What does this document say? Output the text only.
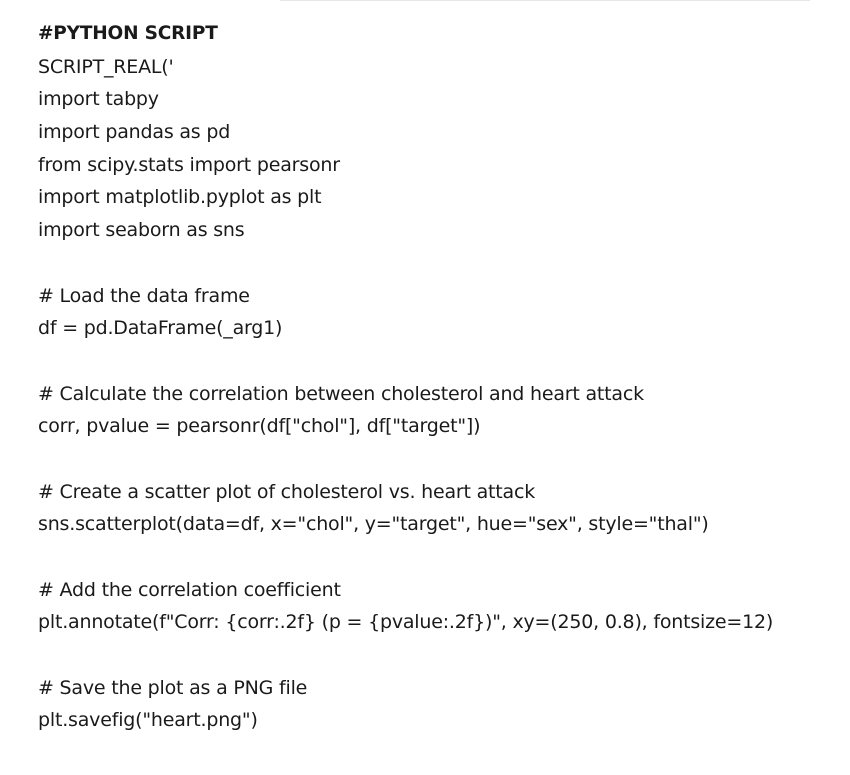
#PYTHON SCRIPT
SCRIPT_REAL('
import tabpy
import pandas as pd
from scipy.stats import pearsonr
import matplotlib.pyplot as plt
import seaborn as sns
# Load the data frame
df = pd.DataFrame(_arg1)
# Calculate the correlation between cholesterol and heart attack
corr, pvalue = pearsonr(df["chol"], df["target"])
# Create a scatter plot of cholesterol vs. heart attack
sns.scatterplot(data=df, x="chol", y="target", hue="sex", style="thal")
# Add the correlation coefficient
plt.annotate(f"Corr: {corr:.2f} (p = {pvalue:.2f})", xy=(250, 0.8), fontsize=12)
# Save the plot as a PNG file
plt.savefig("heart.png")
